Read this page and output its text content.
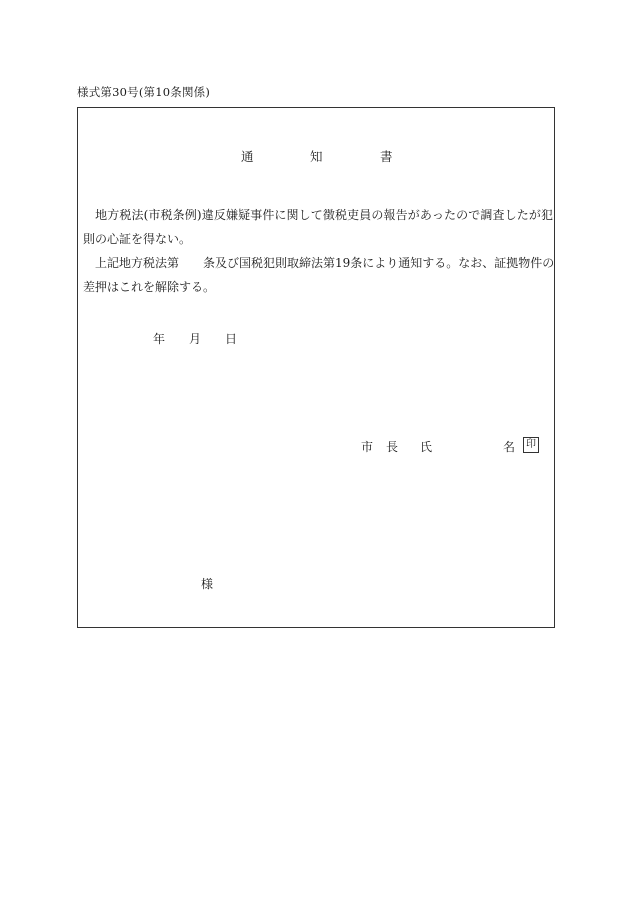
様式第30号(第10条関係)
通	知	書
　地方税法(市税条例)違反嫌疑事件に関して徴税吏員の報告があったので調査したが犯
則の心証を得ない。
　上記地方税法第　　条及び国税犯則取締法第19条により通知する。なお、証拠物件の
差押はこれを解除する。
年 月 日
市 長 氏	名	印
様
